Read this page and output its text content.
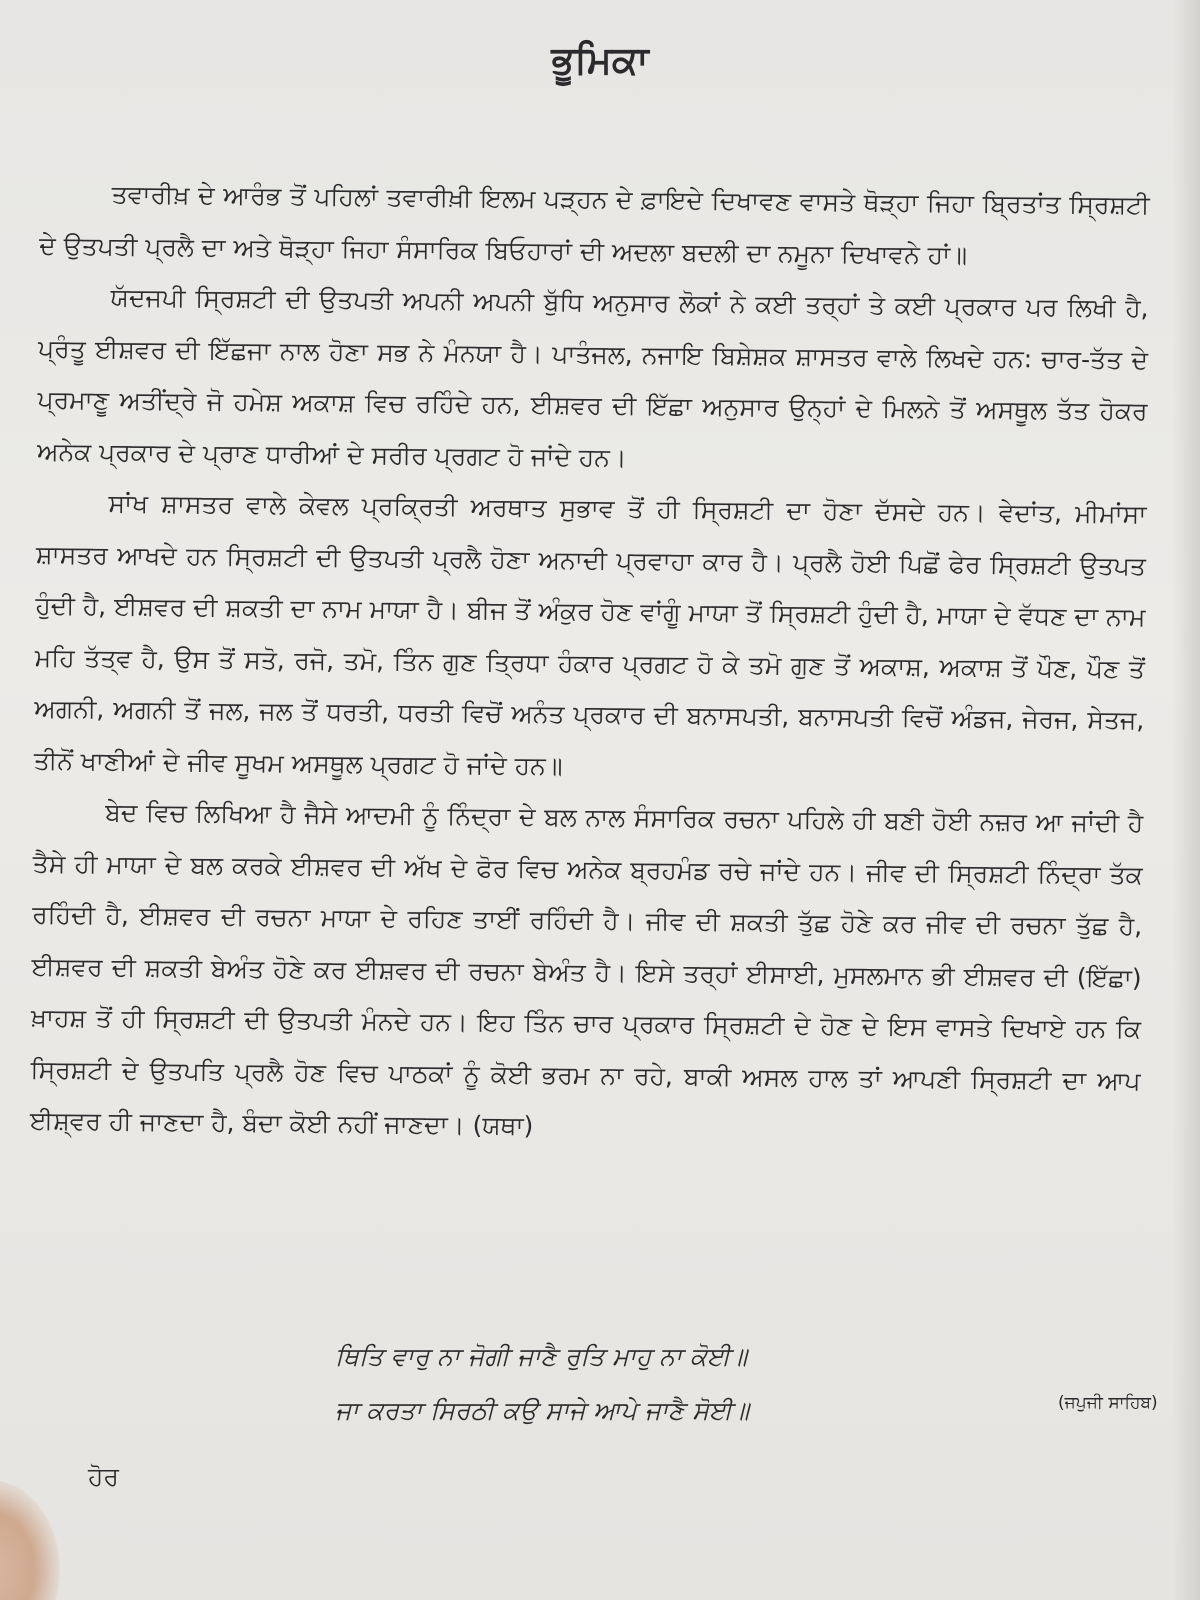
ਭੂਮਿਕਾ

ਤਵਾਰੀਖ਼ ਦੇ ਆਰੰਭ ਤੋਂ ਪਹਿਲਾਂ ਤਵਾਰੀਖ਼ੀ ਇਲਮ ਪੜ੍ਹਨ ਦੇ ਫ਼ਾਇਦੇ ਦਿਖਾਵਣ ਵਾਸਤੇ ਥੋੜ੍ਹਾ ਜਿਹਾ ਬ੍ਰਿਤਾਂਤ ਸ੍ਰਿਸ਼ਟੀ ਦੇ ਉਤਪਤੀ ਪ੍ਰਲੈ ਦਾ ਅਤੇ ਥੋੜ੍ਹਾ ਜਿਹਾ ਸੰਸਾਰਿਕ ਬਿਓਹਾਰਾਂ ਦੀ ਅਦਲਾ ਬਦਲੀ ਦਾ ਨਮੂਨਾ ਦਿਖਾਵਨੇ ਹਾਂ॥

ਯੱਦਜਪੀ ਸ੍ਰਿਸ਼ਟੀ ਦੀ ਉਤਪਤੀ ਅਪਨੀ ਅਪਨੀ ਬੁੱਧਿ ਅਨੁਸਾਰ ਲੋਕਾਂ ਨੇ ਕਈ ਤਰ੍ਹਾਂ ਤੇ ਕਈ ਪ੍ਰਕਾਰ ਪਰ ਲਿਖੀ ਹੈ, ਪ੍ਰੰਤੂ ਈਸ਼ਵਰ ਦੀ ਇੱਛਜਾ ਨਾਲ ਹੋਣਾ ਸਭ ਨੇ ਮੰਨਯਾ ਹੈ। ਪਾਤੰਜਲ, ਨਜਾਇ ਬਿਸ਼ੇਸ਼ਕ ਸ਼ਾਸਤਰ ਵਾਲੇ ਲਿਖਦੇ ਹਨ: ਚਾਰ-ਤੱਤ ਦੇ ਪ੍ਰਮਾਣੂ ਅਤੀਂਦ੍ਰੇ ਜੋ ਹਮੇਸ਼ ਅਕਾਸ਼ ਵਿਚ ਰਹਿੰਦੇ ਹਨ, ਈਸ਼ਵਰ ਦੀ ਇੱਛਾ ਅਨੁਸਾਰ ਉਨ੍ਹਾਂ ਦੇ ਮਿਲਨੇ ਤੋਂ ਅਸਥੂਲ ਤੱਤ ਹੋਕਰ ਅਨੇਕ ਪ੍ਰਕਾਰ ਦੇ ਪ੍ਰਾਣ ਧਾਰੀਆਂ ਦੇ ਸਰੀਰ ਪ੍ਰਗਟ ਹੋ ਜਾਂਦੇ ਹਨ।

ਸਾਂਖ ਸ਼ਾਸਤਰ ਵਾਲੇ ਕੇਵਲ ਪ੍ਰਕ੍ਰਿਤੀ ਅਰਥਾਤ ਸੁਭਾਵ ਤੋਂ ਹੀ ਸ੍ਰਿਸ਼ਟੀ ਦਾ ਹੋਣਾ ਦੱਸਦੇ ਹਨ। ਵੇਦਾਂਤ, ਮੀਮਾਂਸਾ ਸ਼ਾਸਤਰ ਆਖਦੇ ਹਨ ਸ੍ਰਿਸ਼ਟੀ ਦੀ ਉਤਪਤੀ ਪ੍ਰਲੈ ਹੋਣਾ ਅਨਾਦੀ ਪ੍ਰਵਾਹਾ ਕਾਰ ਹੈ। ਪ੍ਰਲੈ ਹੋਈ ਪਿਛੋਂ ਫੇਰ ਸ੍ਰਿਸ਼ਟੀ ਉਤਪਤ ਹੁੰਦੀ ਹੈ, ਈਸ਼ਵਰ ਦੀ ਸ਼ਕਤੀ ਦਾ ਨਾਮ ਮਾਯਾ ਹੈ। ਬੀਜ ਤੋਂ ਅੰਕੁਰ ਹੋਣ ਵਾਂਗੂੰ ਮਾਯਾ ਤੋਂ ਸ੍ਰਿਸ਼ਟੀ ਹੁੰਦੀ ਹੈ, ਮਾਯਾ ਦੇ ਵੱਧਣ ਦਾ ਨਾਮ ਮਹਿ ਤੱਤ੍ਵ ਹੈ, ਉਸ ਤੋਂ ਸਤੋ, ਰਜੋ, ਤਮੋ, ਤਿੰਨ ਗੁਣ ਤ੍ਰਿਧਾ ਹੰਕਾਰ ਪ੍ਰਗਟ ਹੋ ਕੇ ਤਮੋ ਗੁਣ ਤੋਂ ਅਕਾਸ਼, ਅਕਾਸ਼ ਤੋਂ ਪੌਣ, ਪੌਣ ਤੋਂ ਅਗਨੀ, ਅਗਨੀ ਤੋਂ ਜਲ, ਜਲ ਤੋਂ ਧਰਤੀ, ਧਰਤੀ ਵਿਚੋਂ ਅਨੰਤ ਪ੍ਰਕਾਰ ਦੀ ਬਨਾਸਪਤੀ, ਬਨਾਸਪਤੀ ਵਿਚੋਂ ਅੰਡਜ, ਜੇਰਜ, ਸੇਤਜ, ਤੀਨੋਂ ਖਾਣੀਆਂ ਦੇ ਜੀਵ ਸੂਖਮ ਅਸਥੂਲ ਪ੍ਰਗਟ ਹੋ ਜਾਂਦੇ ਹਨ॥

ਬੇਦ ਵਿਚ ਲਿਖਿਆ ਹੈ ਜੈਸੇ ਆਦਮੀ ਨੂੰ ਨਿੰਦ੍ਰਾ ਦੇ ਬਲ ਨਾਲ ਸੰਸਾਰਿਕ ਰਚਨਾ ਪਹਿਲੇ ਹੀ ਬਣੀ ਹੋਈ ਨਜ਼ਰ ਆ ਜਾਂਦੀ ਹੈ ਤੈਸੇ ਹੀ ਮਾਯਾ ਦੇ ਬਲ ਕਰਕੇ ਈਸ਼ਵਰ ਦੀ ਅੱਖ ਦੇ ਫੋਰ ਵਿਚ ਅਨੇਕ ਬ੍ਰਹਮੰਡ ਰਚੇ ਜਾਂਦੇ ਹਨ। ਜੀਵ ਦੀ ਸ੍ਰਿਸ਼ਟੀ ਨਿੰਦ੍ਰਾ ਤੱਕ ਰਹਿੰਦੀ ਹੈ, ਈਸ਼ਵਰ ਦੀ ਰਚਨਾ ਮਾਯਾ ਦੇ ਰਹਿਣ ਤਾਈਂ ਰਹਿੰਦੀ ਹੈ। ਜੀਵ ਦੀ ਸ਼ਕਤੀ ਤੁੱਛ ਹੋਣੇ ਕਰ ਜੀਵ ਦੀ ਰਚਨਾ ਤੁੱਛ ਹੈ, ਈਸ਼ਵਰ ਦੀ ਸ਼ਕਤੀ ਬੇਅੰਤ ਹੋਣੇ ਕਰ ਈਸ਼ਵਰ ਦੀ ਰਚਨਾ ਬੇਅੰਤ ਹੈ। ਇਸੇ ਤਰ੍ਹਾਂ ਈਸਾਈ, ਮੁਸਲਮਾਨ ਭੀ ਈਸ਼ਵਰ ਦੀ (ਇੱਛਾ) ਖ਼ਾਹਸ਼ ਤੋਂ ਹੀ ਸ੍ਰਿਸ਼ਟੀ ਦੀ ਉਤਪਤੀ ਮੰਨਦੇ ਹਨ। ਇਹ ਤਿੰਨ ਚਾਰ ਪ੍ਰਕਾਰ ਸ੍ਰਿਸ਼ਟੀ ਦੇ ਹੋਣ ਦੇ ਇਸ ਵਾਸਤੇ ਦਿਖਾਏ ਹਨ ਕਿ ਸ੍ਰਿਸ਼ਟੀ ਦੇ ਉਤਪਤਿ ਪ੍ਰਲੈ ਹੋਣ ਵਿਚ ਪਾਠਕਾਂ ਨੂੰ ਕੋਈ ਭਰਮ ਨਾ ਰਹੇ, ਬਾਕੀ ਅਸਲ ਹਾਲ ਤਾਂ ਆਪਣੀ ਸ੍ਰਿਸ਼ਟੀ ਦਾ ਆਪ ਈਸ਼੍ਵਰ ਹੀ ਜਾਣਦਾ ਹੈ, ਬੰਦਾ ਕੋਈ ਨਹੀਂ ਜਾਣਦਾ। (ਯਥਾ)

ਥਿਤਿ ਵਾਰੁ ਨਾ ਜੋਗੀ ਜਾਣੈ ਰੁਤਿ ਮਾਹੁ ਨਾ ਕੋਈ॥
ਜਾ ਕਰਤਾ ਸਿਰਠੀ ਕਉ ਸਾਜੇ ਆਪੇ ਜਾਣੈ ਸੋਈ॥	(ਜਪੁਜੀ ਸਾਹਿਬ)
ਹੋਰ
